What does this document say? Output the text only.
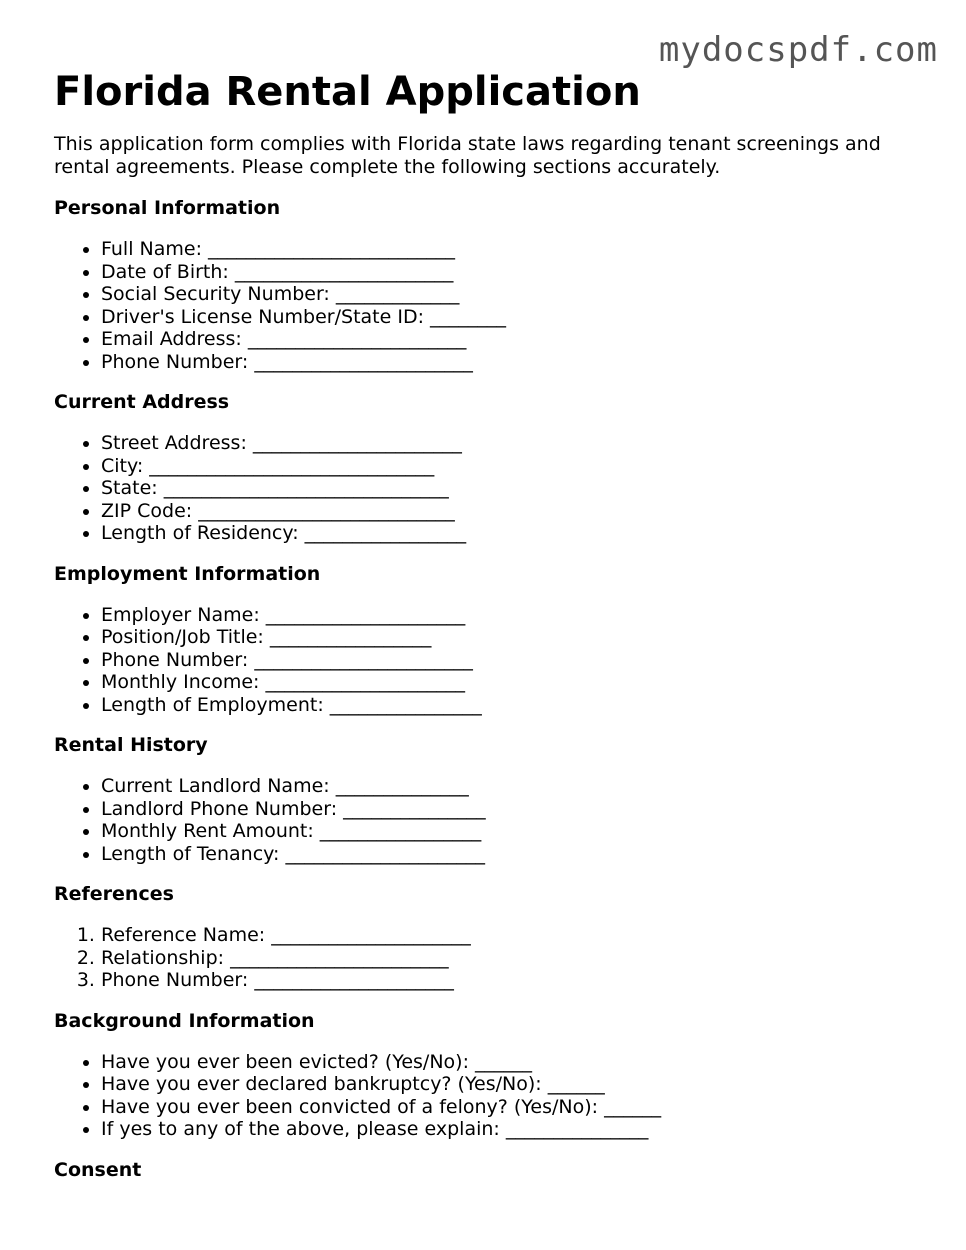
mydocspdf.com
Florida Rental Application

This application form complies with Florida state laws regarding tenant screenings and rental agreements. Please complete the following sections accurately.

Personal Information
• Full Name: __________________________
• Date of Birth: _______________________
• Social Security Number: _____________
• Driver's License Number/State ID: ________
• Email Address: _______________________
• Phone Number: _______________________
Current Address
• Street Address: ______________________
• City: ______________________________
• State: ______________________________
• ZIP Code: ___________________________
• Length of Residency: _________________
Employment Information
• Employer Name: _____________________
• Position/Job Title: _________________
• Phone Number: _______________________
• Monthly Income: _____________________
• Length of Employment: ________________
Rental History
• Current Landlord Name: ______________
• Landlord Phone Number: _______________
• Monthly Rent Amount: _________________
• Length of Tenancy: _____________________
References
1. Reference Name: _____________________
2. Relationship: _______________________
3. Phone Number: _____________________
Background Information
• Have you ever been evicted? (Yes/No): ______
• Have you ever declared bankruptcy? (Yes/No): ______
• Have you ever been convicted of a felony? (Yes/No): ______
• If yes to any of the above, please explain: _______________
Consent
